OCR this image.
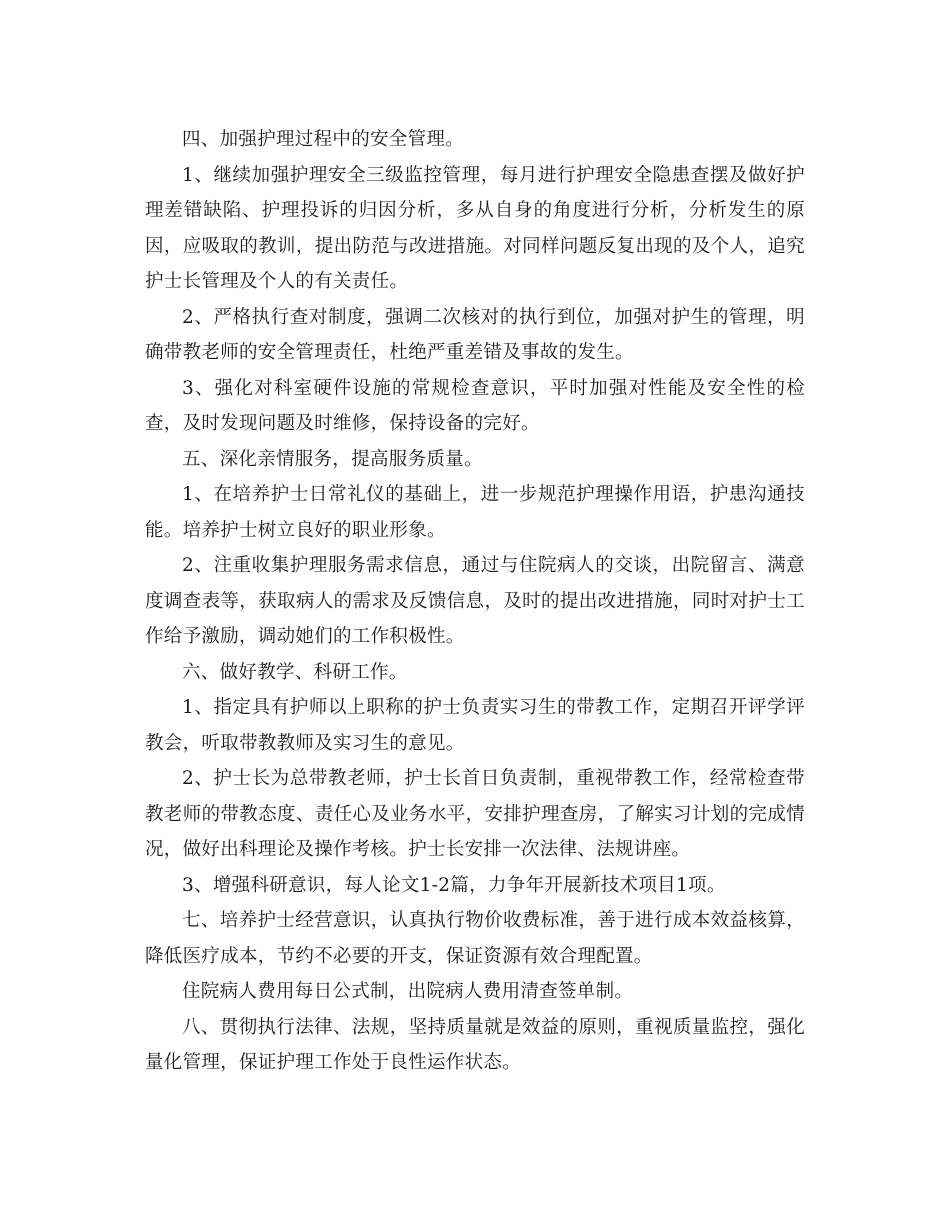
四、加强护理过程中的安全管理。

1、继续加强护理安全三级监控管理，每月进行护理安全隐患查摆及做好护理差错缺陷、护理投诉的归因分析，多从自身的角度进行分析，分析发生的原因，应吸取的教训，提出防范与改进措施。对同样问题反复出现的及个人，追究护士长管理及个人的有关责任。

2、严格执行查对制度，强调二次核对的执行到位，加强对护生的管理，明确带教老师的安全管理责任，杜绝严重差错及事故的发生。

3、强化对科室硬件设施的常规检查意识，平时加强对性能及安全性的检查，及时发现问题及时维修，保持设备的完好。

五、深化亲情服务，提高服务质量。

1、在培养护士日常礼仪的基础上，进一步规范护理操作用语，护患沟通技能。培养护士树立良好的职业形象。

2、注重收集护理服务需求信息，通过与住院病人的交谈，出院留言、满意度调查表等，获取病人的需求及反馈信息，及时的提出改进措施，同时对护士工作给予激励，调动她们的工作积极性。

六、做好教学、科研工作。

1、指定具有护师以上职称的护士负责实习生的带教工作，定期召开评学评教会，听取带教教师及实习生的意见。

2、护士长为总带教老师，护士长首日负责制，重视带教工作，经常检查带教老师的带教态度、责任心及业务水平，安排护理查房，了解实习计划的完成情况，做好出科理论及操作考核。护士长安排一次法律、法规讲座。

3、增强科研意识，每人论文1-2篇，力争年开展新技术项目1项。

七、培养护士经营意识，认真执行物价收费标准，善于进行成本效益核算，降低医疗成本，节约不必要的开支，保证资源有效合理配置。

住院病人费用每日公式制，出院病人费用清查签单制。

八、贯彻执行法律、法规，坚持质量就是效益的原则，重视质量监控，强化量化管理，保证护理工作处于良性运作状态。
